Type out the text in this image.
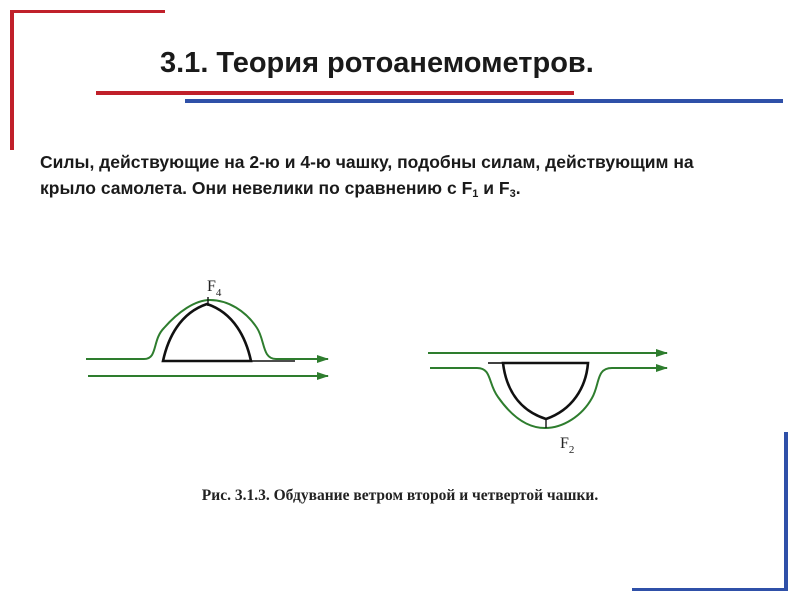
3.1. Теория ротоанемометров.

Силы, действующие на 2-ю и 4-ю чашку, подобны силам, действующим на крыло самолета. Они невелики по сравнению с $F_1$ и $F_3$.

$F_4$
$F_2$

Рис. 3.1.3. Обдувание ветром второй и четвертой чашки.
